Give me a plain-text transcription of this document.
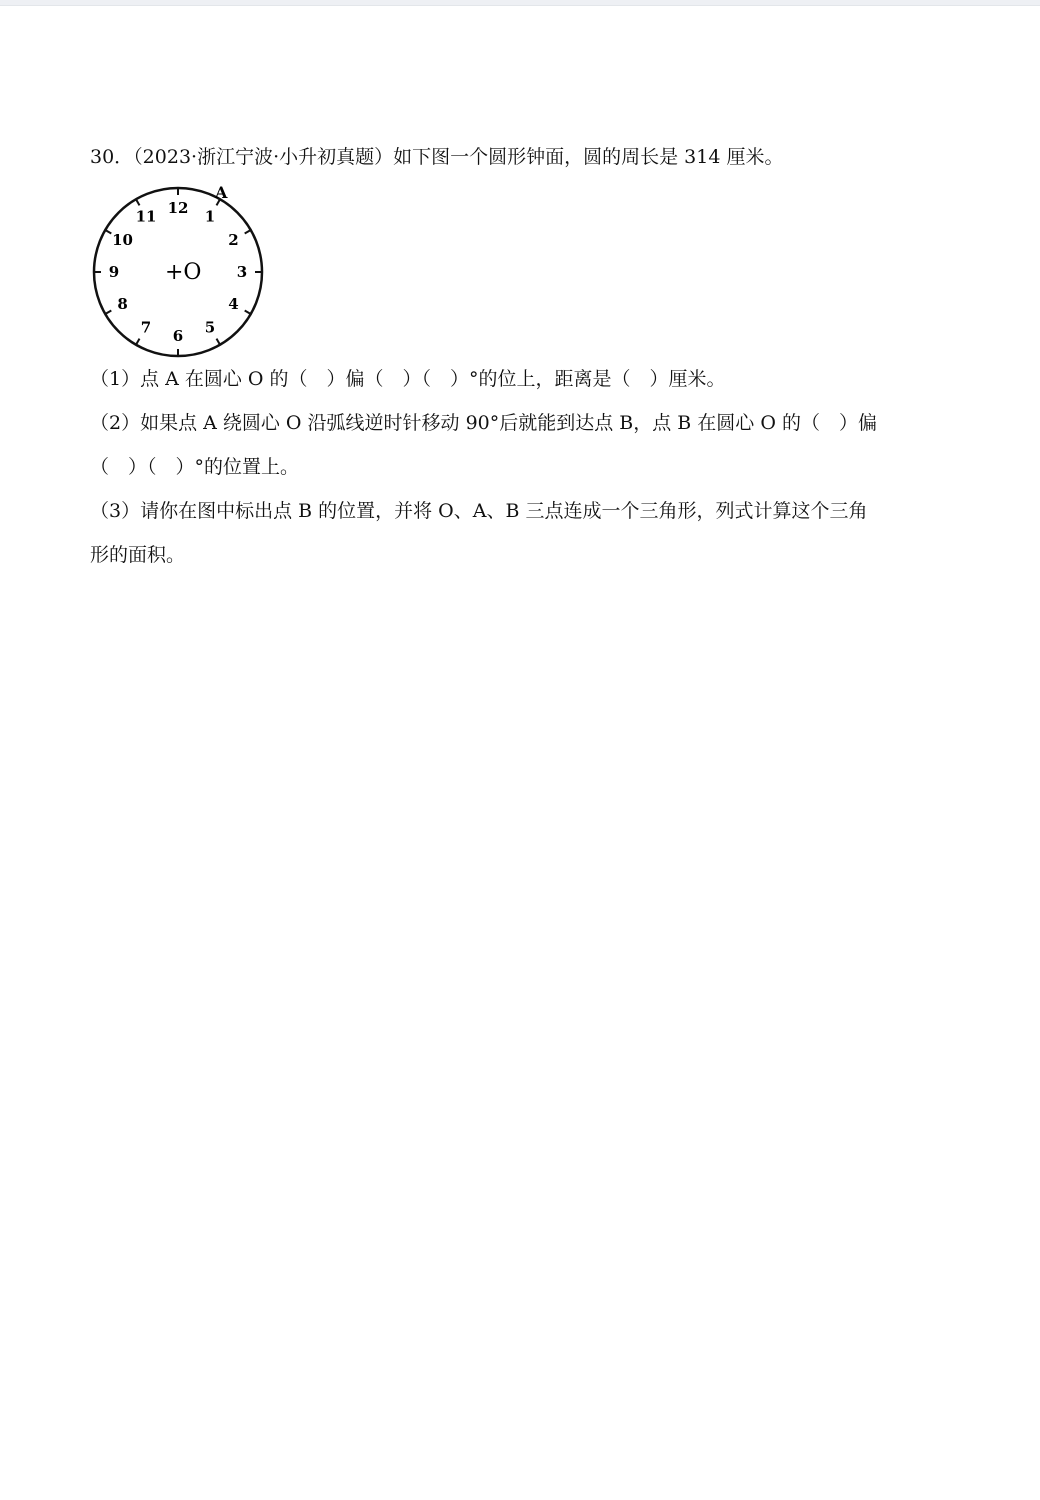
30．（2023·浙江宁波·小升初真题）如下图一个圆形钟面，圆的周长是 314 厘米。
12 1
2
3
4
5
6
7
8
9
10
11
A
+O
（1）点 A 在圆心 O 的（　）偏（　）（　）°的位上，距离是（　）厘米。
（2）如果点 A 绕圆心 O 沿弧线逆时针移动 90°后就能到达点 B，点 B 在圆心 O 的（　）偏
（　）（　）°的位置上。
（3）请你在图中标出点 B 的位置，并将 O、A、B 三点连成一个三角形，列式计算这个三角
形的面积。
